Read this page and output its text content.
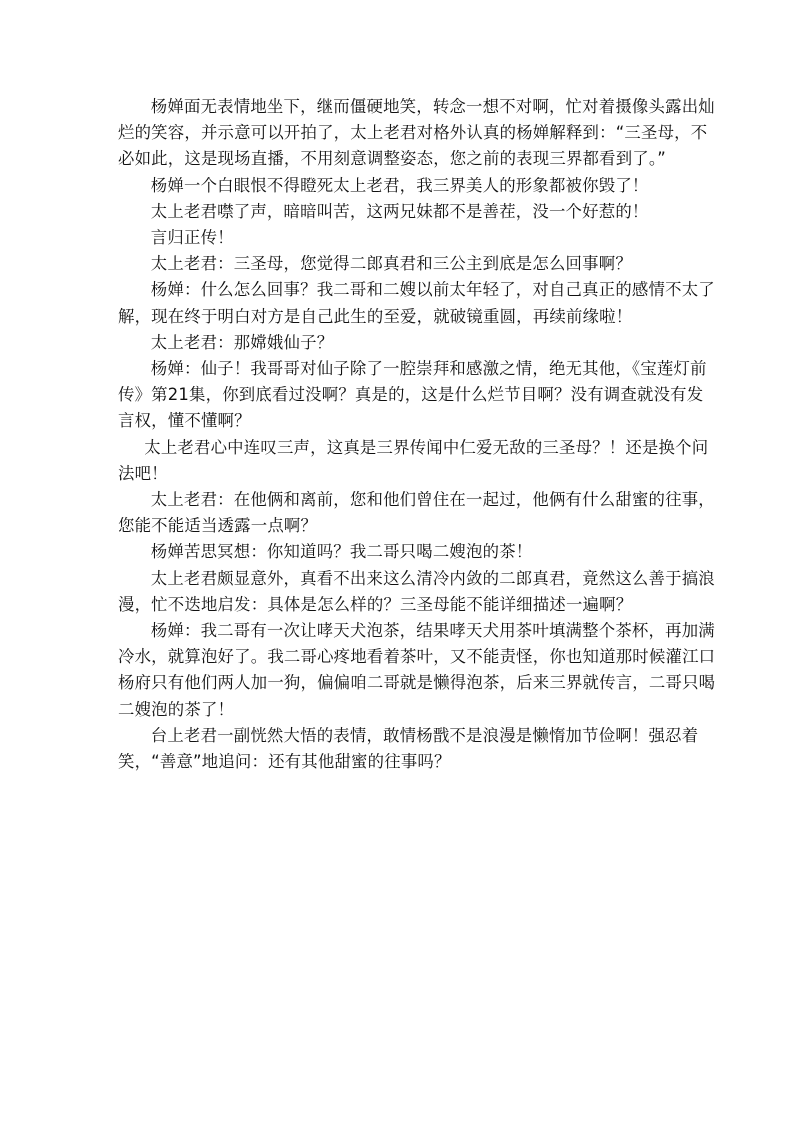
杨婵面无表情地坐下，继而僵硬地笑，转念一想不对啊，忙对着摄像头露出灿烂的笑容，并示意可以开拍了，太上老君对格外认真的杨婵解释到：“三圣母，不必如此，这是现场直播，不用刻意调整姿态，您之前的表现三界都看到了。”

杨婵一个白眼恨不得瞪死太上老君，我三界美人的形象都被你毁了！

太上老君噤了声，暗暗叫苦，这两兄妹都不是善茬，没一个好惹的！

言归正传！

太上老君：三圣母，您觉得二郎真君和三公主到底是怎么回事啊？

杨婵：什么怎么回事？我二哥和二嫂以前太年轻了，对自己真正的感情不太了解，现在终于明白对方是自己此生的至爱，就破镜重圆，再续前缘啦！

太上老君：那嫦娥仙子？

杨婵：仙子！我哥哥对仙子除了一腔崇拜和感激之情，绝无其他，《宝莲灯前传》第21集，你到底看过没啊？真是的，这是什么烂节目啊？没有调查就没有发言权，懂不懂啊？

太上老君心中连叹三声，这真是三界传闻中仁爱无敌的三圣母？！还是换个问法吧！

太上老君：在他俩和离前，您和他们曾住在一起过，他俩有什么甜蜜的往事，您能不能适当透露一点啊？

杨婵苦思冥想：你知道吗？我二哥只喝二嫂泡的茶！

太上老君颇显意外，真看不出来这么清冷内敛的二郎真君，竟然这么善于搞浪漫，忙不迭地启发：具体是怎么样的？三圣母能不能详细描述一遍啊？

杨婵：我二哥有一次让哮天犬泡茶，结果哮天犬用茶叶填满整个茶杯，再加满冷水，就算泡好了。我二哥心疼地看着茶叶，又不能责怪，你也知道那时候灌江口杨府只有他们两人加一狗，偏偏咱二哥就是懒得泡茶，后来三界就传言，二哥只喝二嫂泡的茶了！

台上老君一副恍然大悟的表情，敢情杨戬不是浪漫是懒惰加节俭啊！强忍着笑，“善意”地追问：还有其他甜蜜的往事吗？
